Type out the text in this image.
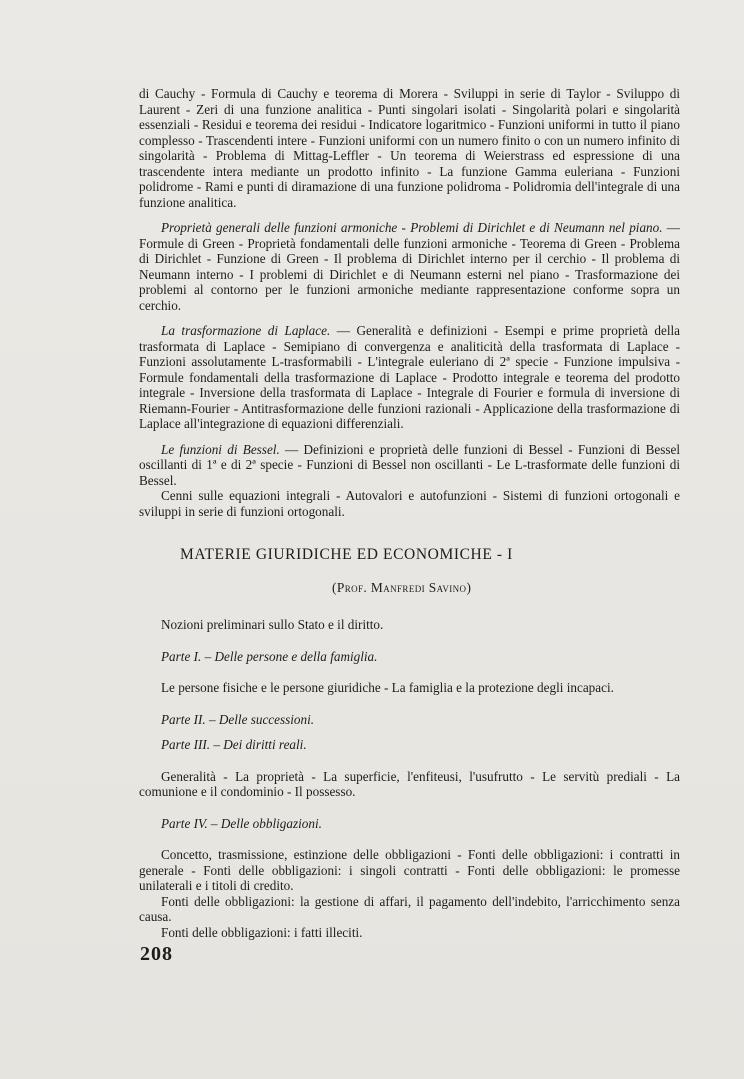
di Cauchy - Formula di Cauchy e teorema di Morera - Sviluppi in serie di Taylor - Sviluppo di Laurent - Zeri di una funzione analitica - Punti singolari isolati - Singolarità polari e singolarità essenziali - Residui e teorema dei residui - Indicatore logaritmico - Funzioni uniformi in tutto il piano complesso - Trascendenti intere - Funzioni uniformi con un numero finito o con un numero infinito di singolarità - Problema di Mittag-Leffler - Un teorema di Weierstrass ed espressione di una trascendente intera mediante un prodotto infinito - La funzione Gamma euleriana - Funzioni polidrome - Rami e punti di diramazione di una funzione polidroma - Polidromia dell'integrale di una funzione analitica.

Proprietà generali delle funzioni armoniche - Problemi di Dirichlet e di Neumann nel piano. — Formule di Green - Proprietà fondamentali delle funzioni armoniche - Teorema di Green - Problema di Dirichlet - Funzione di Green - Il problema di Dirichlet interno per il cerchio - Il problema di Neumann interno - I problemi di Dirichlet e di Neumann esterni nel piano - Trasformazione dei problemi al contorno per le funzioni armoniche mediante rappresentazione conforme sopra un cerchio.

La trasformazione di Laplace. — Generalità e definizioni - Esempi e prime proprietà della trasformata di Laplace - Semipiano di convergenza e analiticità della trasformata di Laplace - Funzioni assolutamente L-trasformabili - L'integrale euleriano di 2ª specie - Funzione impulsiva - Formule fondamentali della trasformazione di Laplace - Prodotto integrale e teorema del prodotto integrale - Inversione della trasformata di Laplace - Integrale di Fourier e formula di inversione di Riemann-Fourier - Antitrasformazione delle funzioni razionali - Applicazione della trasformazione di Laplace all'integrazione di equazioni differenziali.

Le funzioni di Bessel. — Definizioni e proprietà delle funzioni di Bessel - Funzioni di Bessel oscillanti di 1ª e di 2ª specie - Funzioni di Bessel non oscillanti - Le L-trasformate delle funzioni di Bessel.

Cenni sulle equazioni integrali - Autovalori e autofunzioni - Sistemi di funzioni ortogonali e sviluppi in serie di funzioni ortogonali.

MATERIE GIURIDICHE ED ECONOMICHE - I
(Prof. Manfredi Savino)

Nozioni preliminari sullo Stato e il diritto.

Parte I. – Delle persone e della famiglia.

Le persone fisiche e le persone giuridiche - La famiglia e la protezione degli incapaci.

Parte II. – Delle successioni.

Parte III. – Dei diritti reali.

Generalità - La proprietà - La superficie, l'enfiteusi, l'usufrutto - Le servitù prediali - La comunione e il condominio - Il possesso.

Parte IV. – Delle obbligazioni.

Concetto, trasmissione, estinzione delle obbligazioni - Fonti delle obbligazioni: i contratti in generale - Fonti delle obbligazioni: i singoli contratti - Fonti delle obbligazioni: le promesse unilaterali e i titoli di credito.

Fonti delle obbligazioni: la gestione di affari, il pagamento dell'indebito, l'arricchimento senza causa.

Fonti delle obbligazioni: i fatti illeciti.

208
